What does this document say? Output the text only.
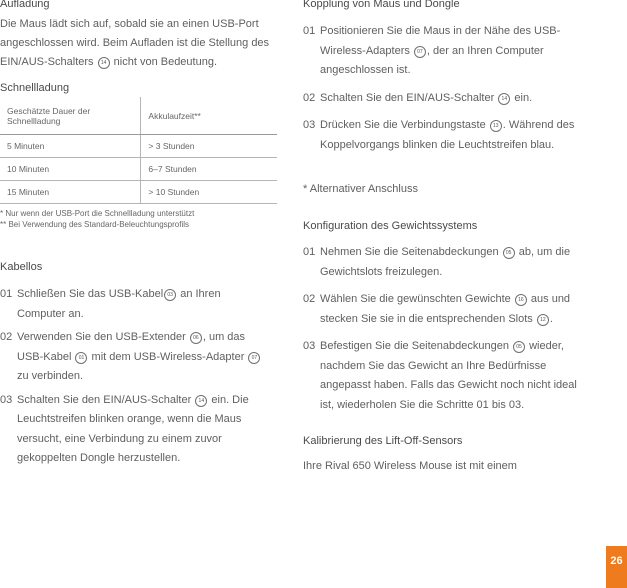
Aufladung

Die Maus lädt sich auf, sobald sie an einen USB-Port angeschlossen wird. Beim Aufladen ist die Stellung des EIN/AUS-Schalters 14 nicht von Bedeutung.

Schnellladung
Geschätzte Dauer der Schnellladung	Akkulaufzeit**
5 Minuten	> 3 Stunden
10 Minuten	6–7 Stunden
15 Minuten	> 10 Stunden
* Nur wenn der USB-Port die Schnellladung unterstützt
** Bei Verwendung des Standard-Beleuchtungsprofils
Kabellos
01 Schließen Sie das USB-Kabel 03 an Ihren Computer an.
02 Verwenden Sie den USB-Extender 06 , um das USB-Kabel 01 mit dem USB-Wireless-Adapter 07 zu verbinden.
03 Schalten Sie den EIN/AUS-Schalter 14 ein. Die Leuchtstreifen blinken orange, wenn die Maus versucht, eine Verbindung zu einem zuvor gekoppelten Dongle herzustellen.
Kopplung von Maus und Dongle
01 Positionieren Sie die Maus in der Nähe des USB-Wireless-Adapters 07 , der an Ihren Computer angeschlossen ist.
02 Schalten Sie den EIN/AUS-Schalter 14 ein.
03 Drücken Sie die Verbindungstaste 13 . Während des Koppelvorgangs blinken die Leuchtstreifen blau.
* Alternativer Anschluss
Konfiguration des Gewichtssystems
01 Nehmen Sie die Seitenabdeckungen 05 ab, um die Gewichtslots freizulegen.
02 Wählen Sie die gewünschten Gewichte 16 aus und stecken Sie sie in die entsprechenden Slots 12 .
03 Befestigen Sie die Seitenabdeckungen 05 wieder, nachdem Sie das Gewicht an Ihre Bedürfnisse angepasst haben. Falls das Gewicht noch nicht ideal ist, wiederholen Sie die Schritte 01 bis 03.
Kalibrierung des Lift-Off-Sensors

Ihre Rival 650 Wireless Mouse ist mit einem

26
